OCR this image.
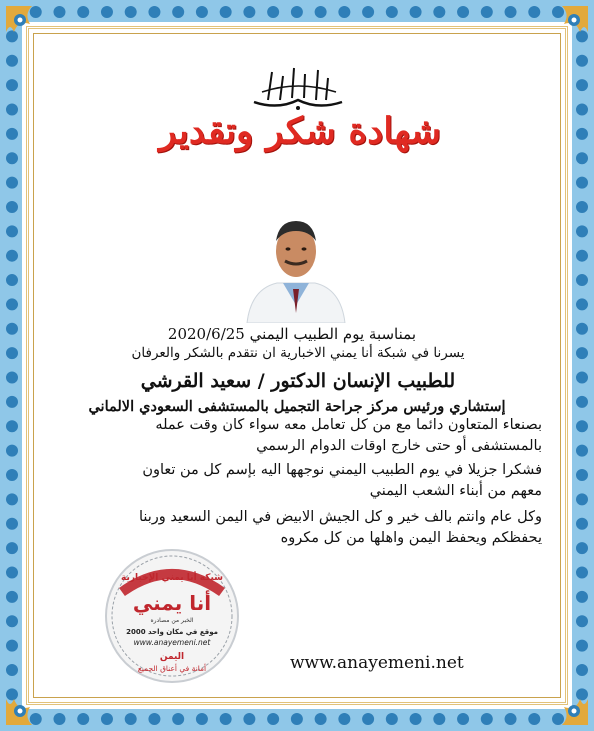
شهادة شكر وتقدير
بمناسبة يوم الطبيب اليمني 2020/6/25
يسرنا في شبكة أنا يمني الاخبارية ان نتقدم بالشكر والعرفان
للطبيب الإنسان الدكتور / سعيد القرشي
إستشاري ورئيس مركز جراحة التجميل بالمستشفى السعودي الالماني
بصنعاء المتعاون دائما مع من كل تعامل معه سواء كان وقت عمله
بالمستشفى أو حتى خارج اوقات الدوام الرسمي
فشكرا جزيلا في يوم الطبيب اليمني نوجهها اليه بإسم كل من تعاون
معهم من أبناء الشعب اليمني
وكل عام وانتم بالف خير و كل الجيش الابيض في اليمن السعيد وربنا
يحفظكم ويحفظ اليمن واهلها من كل مكروه
شبكة أنا يمني الإخبارية
أنا يمني
الخبر من مصادره
2000 موقع في مكان واحد
www.anayemeni.net
اليمن
أمانة في أعناق الجميع	www.anayemeni.net
